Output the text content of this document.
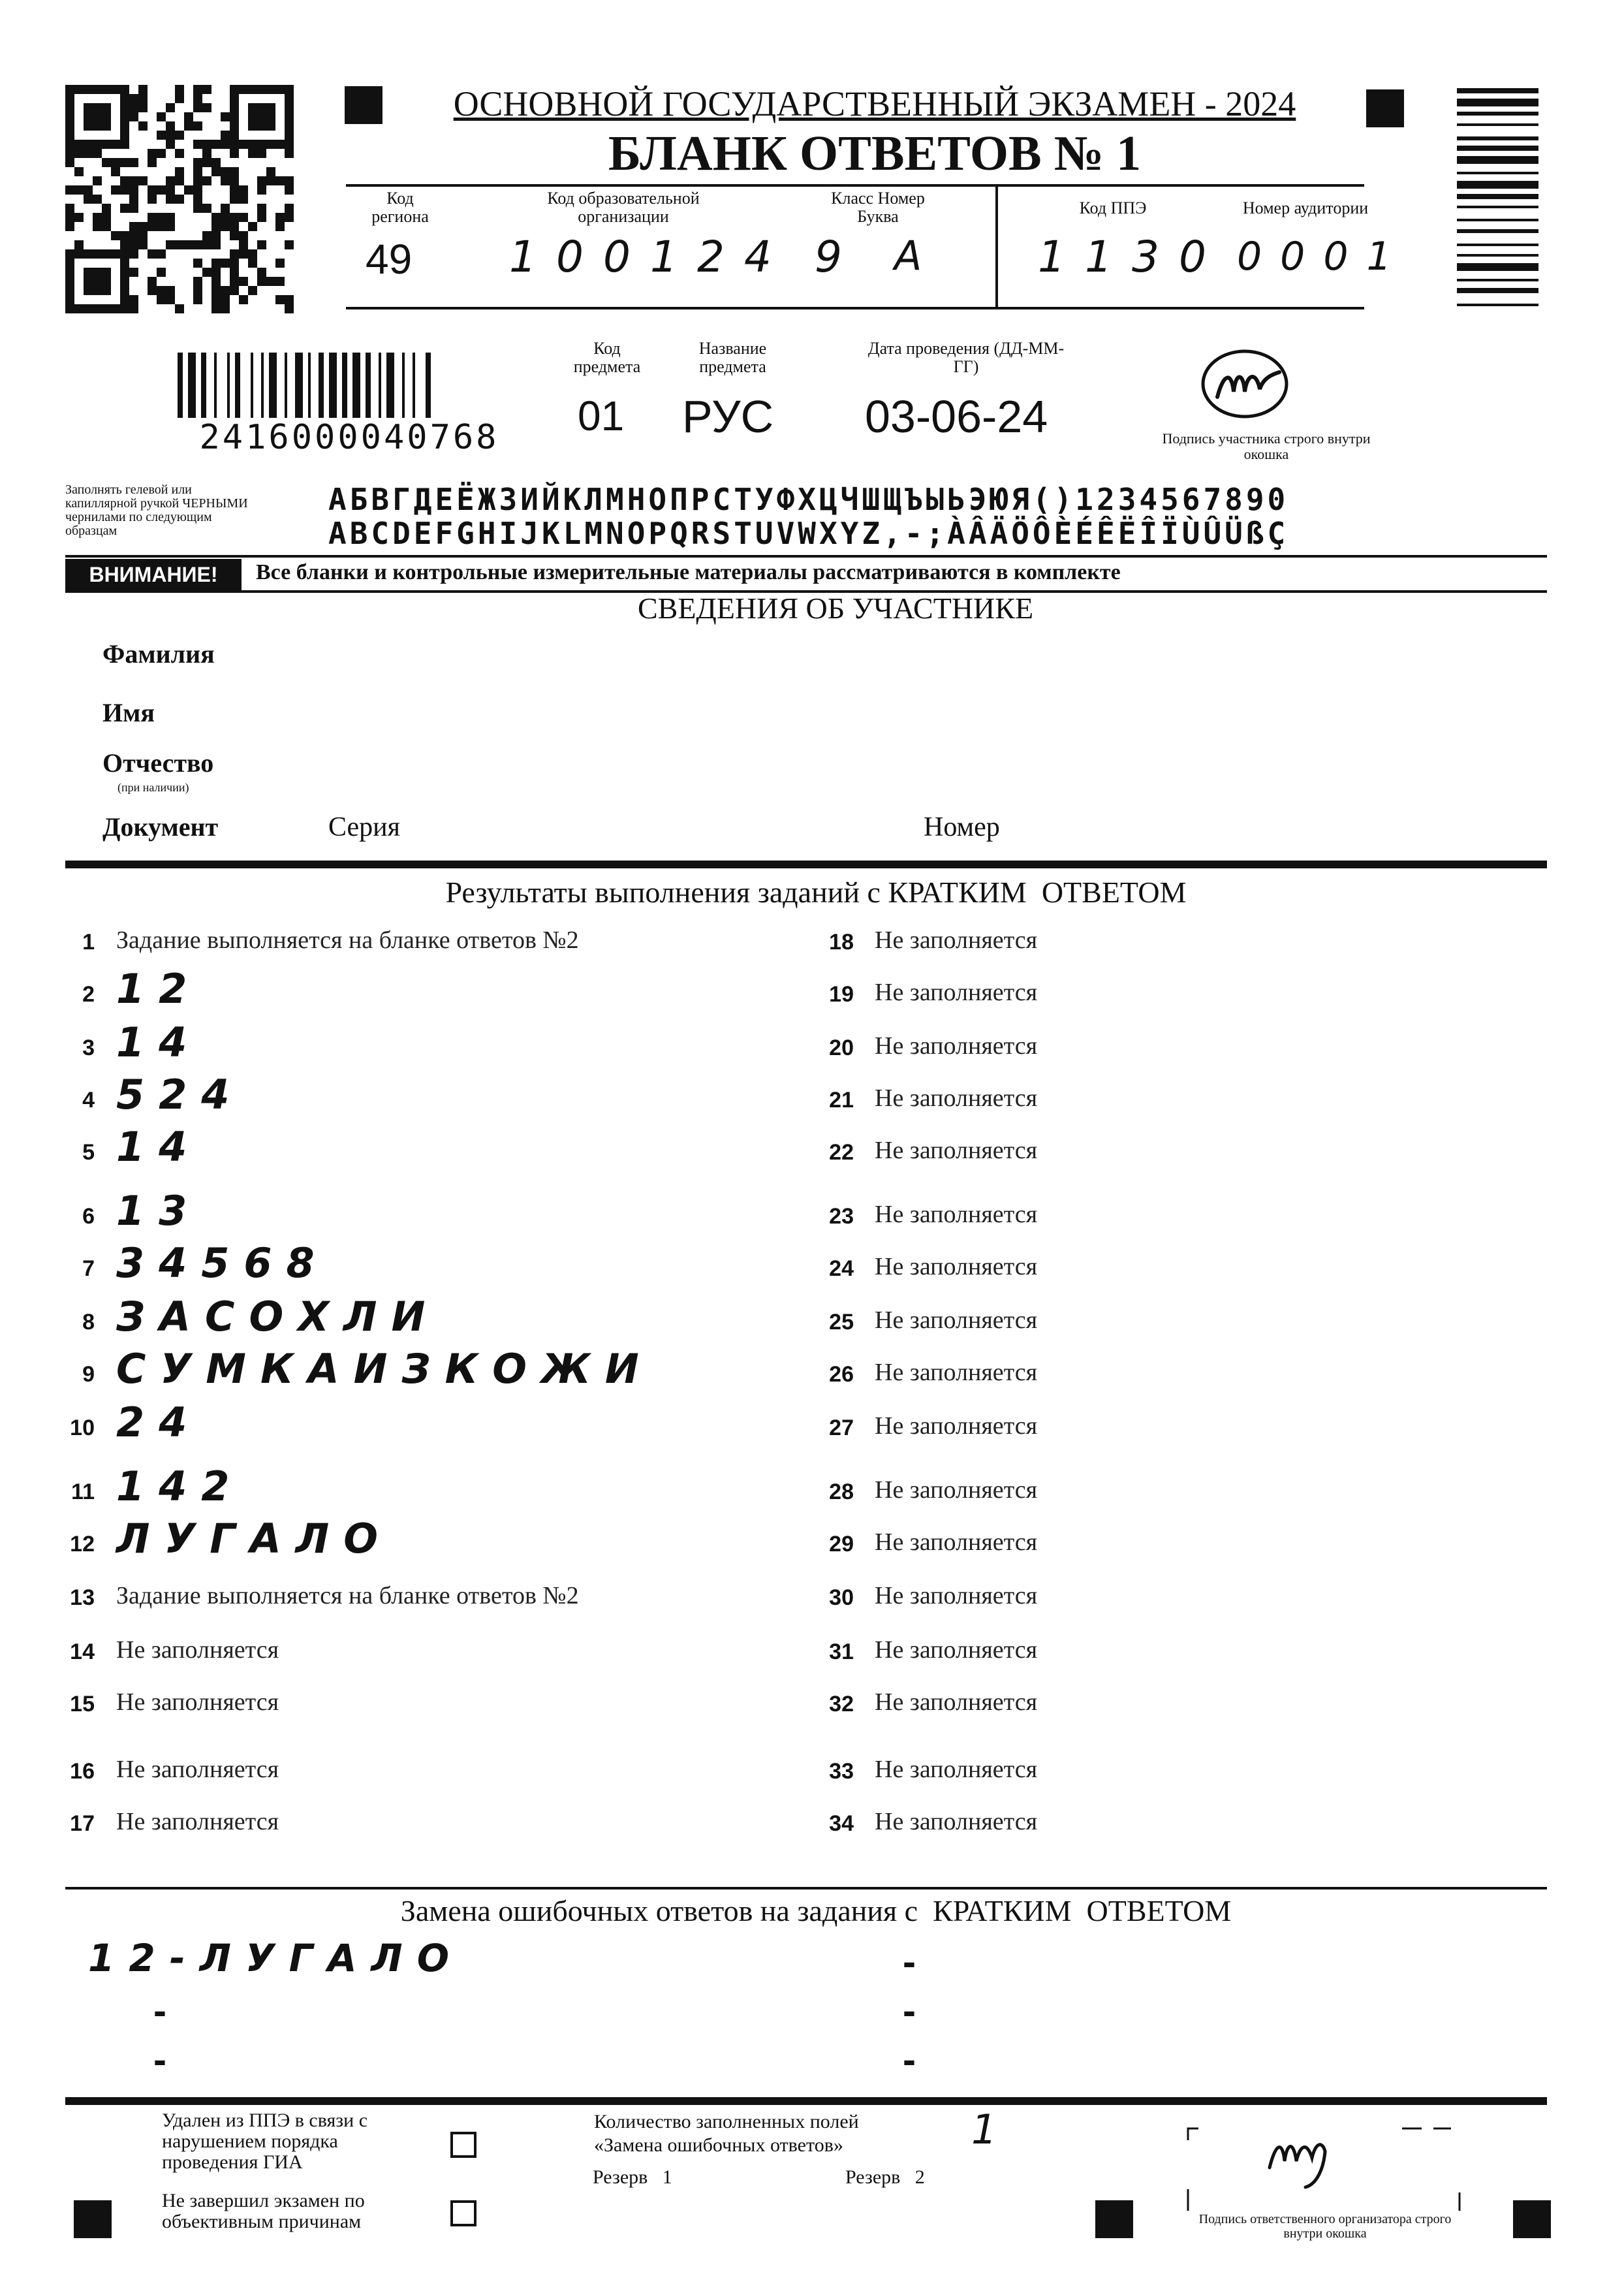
ОСНОВНОЙ ГОСУДАРСТВЕННЫЙ ЭКЗАМЕН - 2024
БЛАНК ОТВЕТОВ № 1
Код региона
49
Код образовательной организации
100124
Класс Номер Буква
9 А
Код ППЭ
1130
Номер аудитории
0001
2416000040768
Код предмета
01
Название предмета
РУС
Дата проведения (ДД-ММ-ГГ)
03-06-24	Подпись участника строго внутри окошка
Заполнять гелевой или капиллярной ручкой ЧЕРНЫМИ чернилами по следующим образцам
АБВГДЕЁЖЗИЙКЛМНОПРСТУФХЦЧШЩЪЫЬЭЮЯ()1234567890
ABCDEFGHIJKLMNOPQRSTUVWXYZ,-;ÀÂÄÖÔÈÉÊËÎÏÙÛÜßÇ
ВНИМАНИЕ!	Все бланки и контрольные измерительные материалы рассматриваются в комплекте
СВЕДЕНИЯ ОБ УЧАСТНИКЕ
Фамилия
Имя
Отчество
(при наличии)
Документ	Серия	Номер
Результаты выполнения заданий с КРАТКИМ  ОТВЕТОМ
1 Задание выполняется на бланке ответов №2
2 12
3 14
4 524
5 14
6 13
7 34568
8 ЗАСОХЛИ
9 СУМКАИЗКОЖИ
10 24
11 142
12 ЛУГАЛО
13 Задание выполняется на бланке ответов №2
14 Не заполняется
15 Не заполняется
16 Не заполняется
17 Не заполняется
18 Не заполняется
19 Не заполняется
20 Не заполняется
21 Не заполняется
22 Не заполняется
23 Не заполняется
24 Не заполняется
25 Не заполняется
26 Не заполняется
27 Не заполняется
28 Не заполняется
29 Не заполняется
30 Не заполняется
31 Не заполняется
32 Не заполняется
33 Не заполняется
34 Не заполняется
Замена ошибочных ответов на задания с  КРАТКИМ  ОТВЕТОМ
12-ЛУГАЛО
-
-
-
-
-
Удален из ППЭ в связи с нарушением порядка проведения ГИА
Не завершил экзамен по объективным причинам
Количество заполненных полей «Замена ошибочных ответов»	1
Резерв   1	Резерв   2
Подпись ответственного организатора строго внутри окошка
